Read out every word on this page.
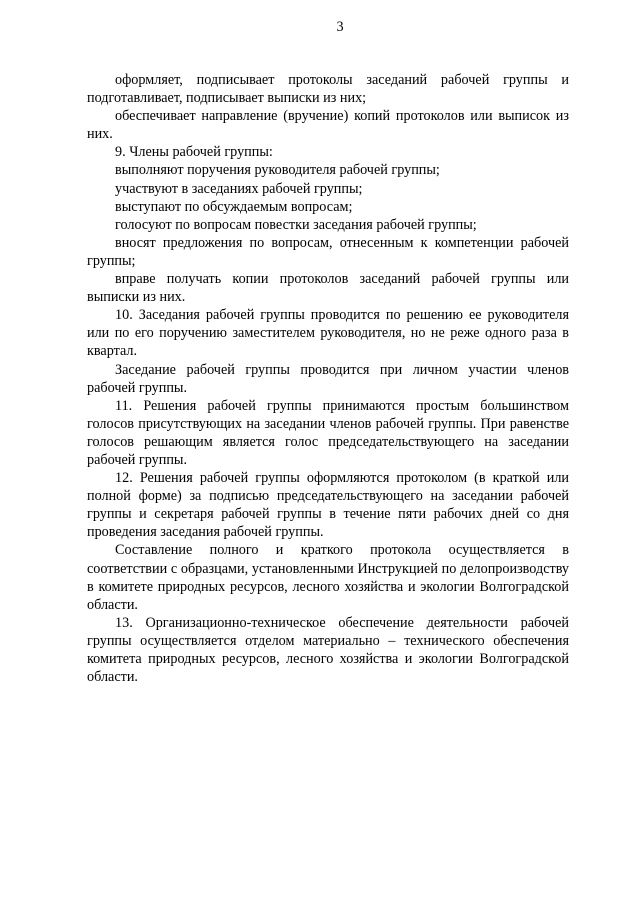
3

оформляет, подписывает протоколы заседаний рабочей группы и подготавливает, подписывает выписки из них;

обеспечивает направление (вручение) копий протоколов или выписок из них.

9. Члены рабочей группы:

выполняют поручения руководителя рабочей группы;

участвуют в заседаниях рабочей группы;

выступают по обсуждаемым вопросам;

голосуют по вопросам повестки заседания рабочей группы;

вносят предложения по вопросам, отнесенным к компетенции рабочей группы;

вправе получать копии протоколов заседаний рабочей группы или выписки из них.

10. Заседания рабочей группы проводится по решению ее руководителя или по его поручению заместителем руководителя, но не реже одного раза в квартал.

Заседание рабочей группы проводится при личном участии членов рабочей группы.

11. Решения рабочей группы принимаются простым большинством голосов присутствующих на заседании членов рабочей группы. При равенстве голосов решающим является голос председательствующего на заседании рабочей группы.

12. Решения рабочей группы оформляются протоколом (в краткой или полной форме) за подписью председательствующего на заседании рабочей группы и секретаря рабочей группы в течение пяти рабочих дней со дня проведения заседания рабочей группы.

Составление полного и краткого протокола осуществляется в соответствии с образцами, установленными Инструкцией по делопроизводству в комитете природных ресурсов, лесного хозяйства и экологии Волгоградской области.

13. Организационно-техническое обеспечение деятельности рабочей группы осуществляется отделом материально – технического обеспечения комитета природных ресурсов, лесного хозяйства и экологии Волгоградской области.
